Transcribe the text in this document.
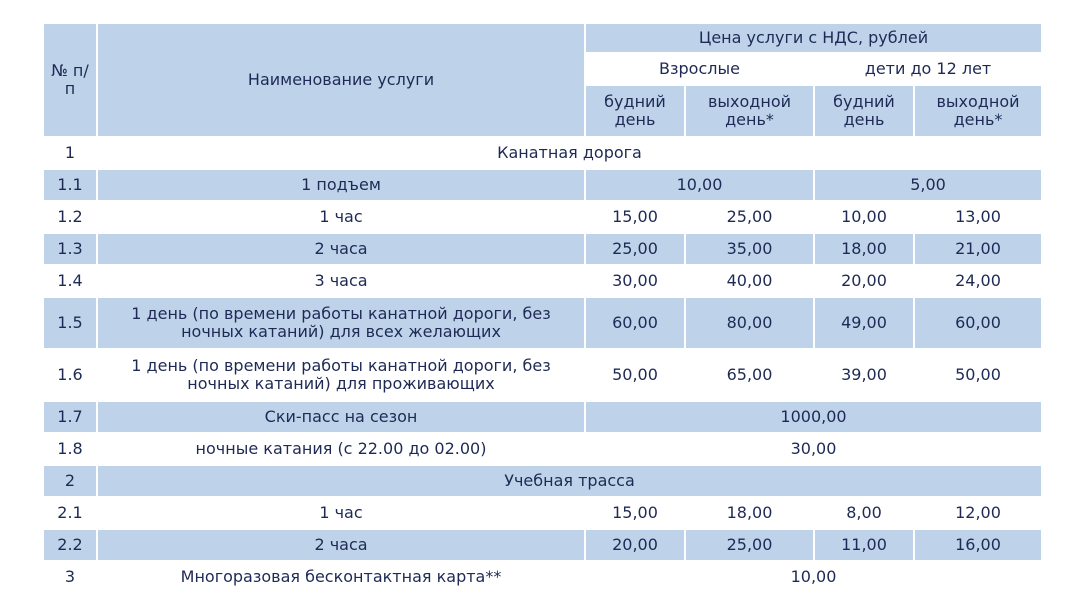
№ п/п	Наименование услуги	Цена услуги с НДС, рублей			
		Взрослые		дети до 12 лет	
		будний день	выходной день*	будний день	выходной день*
1	Канатная дорога				
1.1	1 подъем	10,00		5,00	
1.2	1 час	15,00	25,00	10,00	13,00
1.3	2 часа	25,00	35,00	18,00	21,00
1.4	3 часа	30,00	40,00	20,00	24,00
1.5	1 день (по времени работы канатной дороги, без ночных катаний) для всех желающих	60,00	80,00	49,00	60,00
1.6	1 день (по времени работы канатной дороги, без ночных катаний) для проживающих	50,00	65,00	39,00	50,00
1.7	Ски-пасс на сезон	1000,00			
1.8	ночные катания (с 22.00 до 02.00)	30,00			
2	Учебная трасса				
2.1	1 час	15,00	18,00	8,00	12,00
2.2	2 часа	20,00	25,00	11,00	16,00
3	Многоразовая бесконтактная карта**	10,00			
